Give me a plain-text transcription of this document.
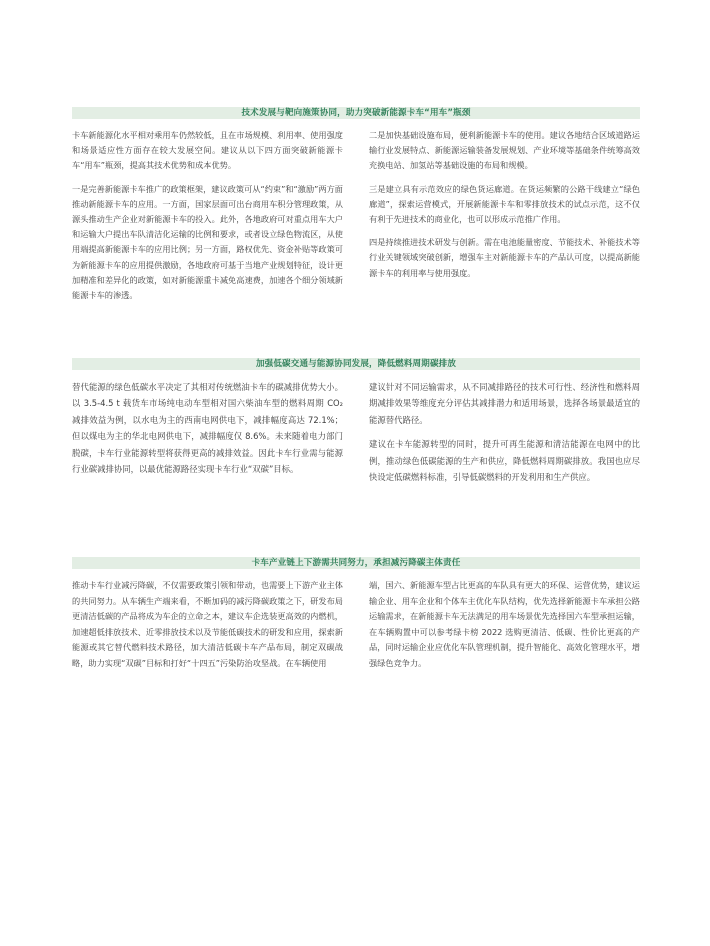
技术发展与靶向施策协同，助力突破新能源卡车“用车”瓶颈

卡车新能源化水平相对乘用车仍然较低，且在市场规模、利用率、使用强度和场景适应性方面存在较大发展空间。建议从以下四方面突破新能源卡车“用车”瓶颈，提高其技术优势和成本优势。

一是完善新能源卡车推广的政策框架，建议政策可从“约束”和“激励”两方面推动新能源卡车的应用。一方面，国家层面可出台商用车积分管理政策，从源头推动生产企业对新能源卡车的投入。此外，各地政府可对重点用车大户和运输大户提出车队清洁化运输的比例和要求，或者设立绿色物流区，从使用端提高新能源卡车的应用比例；另一方面，路权优先、资金补贴等政策可为新能源卡车的应用提供激励，各地政府可基于当地产业规划特征，设计更加精准和差异化的政策，如对新能源重卡减免高速费，加速各个细分领域新能源卡车的渗透。

二是加快基础设施布局，便利新能源卡车的使用。建议各地结合区域道路运输行业发展特点、新能源运输装备发展规划、产业环境等基础条件统筹高效充换电站、加氢站等基础设施的布局和规模。

三是建立具有示范效应的绿色货运廊道。在货运频繁的公路干线建立“绿色廊道”，探索运营模式，开展新能源卡车和零排放技术的试点示范，这不仅有利于先进技术的商业化，也可以形成示范推广作用。

四是持续推进技术研发与创新。需在电池能量密度、节能技术、补能技术等行业关键领域突破创新，增强车主对新能源卡车的产品认可度，以提高新能源卡车的利用率与使用强度。

加强低碳交通与能源协同发展，降低燃料周期碳排放

替代能源的绿色低碳水平决定了其相对传统燃油卡车的碳减排优势大小。以 3.5-4.5 t 载货车市场纯电动车型相对国六柴油车型的燃料周期 CO₂ 减排效益为例，以水电为主的西南电网供电下，减排幅度高达 72.1%；但以煤电为主的华北电网供电下，减排幅度仅 8.6%。未来随着电力部门脱碳，卡车行业能源转型将获得更高的减排效益。因此卡车行业需与能源行业碳减排协同，以最优能源路径实现卡车行业“双碳”目标。

建议针对不同运输需求，从不同减排路径的技术可行性、经济性和燃料周期减排效果等维度充分评估其减排潜力和适用场景，选择各场景最适宜的能源替代路径。

建议在卡车能源转型的同时，提升可再生能源和清洁能源在电网中的比例，推动绿色低碳能源的生产和供应，降低燃料周期碳排放。我国也应尽快设定低碳燃料标准，引导低碳燃料的开发利用和生产供应。

卡车产业链上下游需共同努力，承担减污降碳主体责任

推动卡车行业减污降碳，不仅需要政策引领和带动，也需要上下游产业主体的共同努力。从车辆生产端来看，不断加码的减污降碳政策之下，研发布局更清洁低碳的产品将成为车企的立命之本，建议车企选装更高效的内燃机，加速超低排放技术、近零排放技术以及节能低碳技术的研发和应用，探索新能源或其它替代燃料技术路径，加大清洁低碳卡车产品布局，制定双碳战略，助力实现“双碳”目标和打好“十四五”污染防治攻坚战。在车辆使用

端，国六、新能源车型占比更高的车队具有更大的环保、运营优势，建议运输企业、用车企业和个体车主优化车队结构，优先选择新能源卡车承担公路运输需求，在新能源卡车无法满足的用车场景优先选择国六车型承担运输，在车辆购置中可以参考绿卡榜 2022 选购更清洁、低碳、性价比更高的产品，同时运输企业应优化车队管理机制，提升智能化、高效化管理水平，增强绿色竞争力。
